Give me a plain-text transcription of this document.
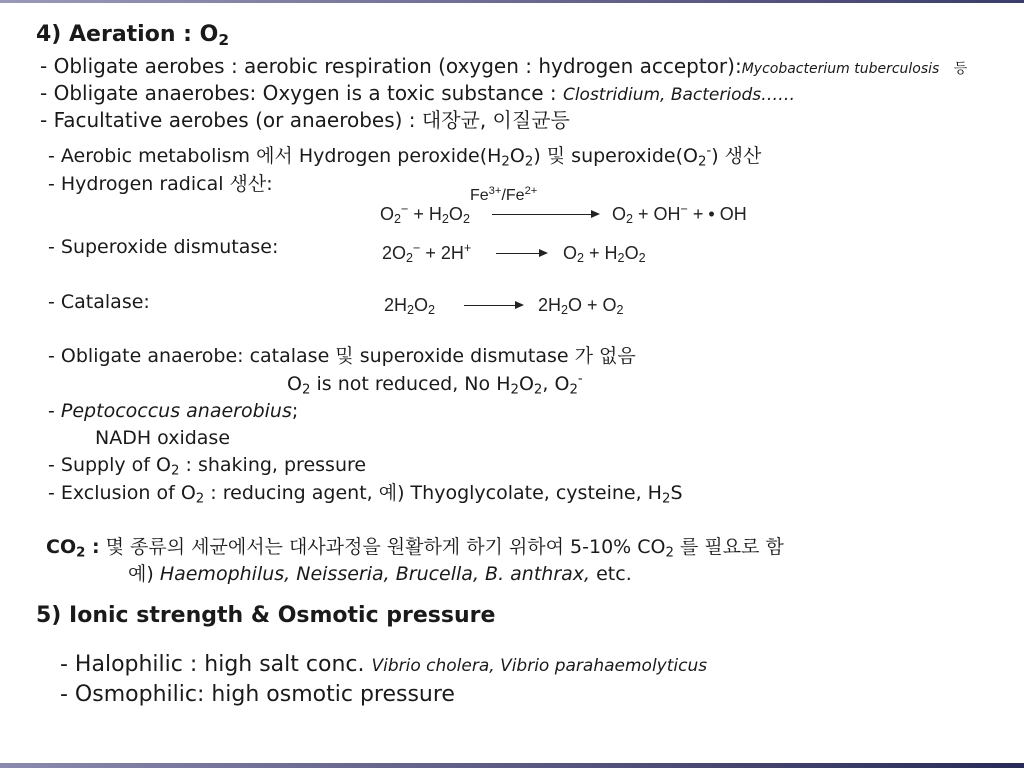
4) Aeration : $O_2$
- Obligate aerobes : aerobic respiration (oxygen : hydrogen acceptor):Mycobacterium tuberculosis 등
- Obligate anaerobes: Oxygen is a toxic substance : Clostridium, Bacteriods……
- Facultative aerobes (or anaerobes) : 대장균, 이질균등
- Aerobic metabolism 에서 Hydrogen $peroxide(H_2O_2)$ 및 $superoxide(O_2^-)$ 생산
- Hydrogen radical 생산:
$Fe^{3+}/Fe^{2+}$
$O_2^- + H_2O_2$	$O_2 + OH^-$ + • OH
- Superoxide dismutase:	$2O_2^- + 2H^+$	$O_2 + H_2O_2$
- Catalase:	$2H_2O_2$	$2H_2O + O_2$
- Obligate anaerobe: catalase 및 superoxide dismutase 가 없음
$O_2$ is not reduced, No $H_2O_2$, $O_2^-$
- Peptococcus anaerobius;
NADH oxidase
- Supply of $O_2$ : shaking, pressure
- Exclusion of $O_2$ : reducing agent, 예) Thyoglycolate, cysteine, $H_2S$
$CO_2$ : 몇 종류의 세균에서는 대사과정을 원활하게 하기 위하여 5-10% $CO_2$ 를 필요로 함
예) Haemophilus, Neisseria, Brucella, B. anthrax, etc.
5) Ionic strength & Osmotic pressure
- Halophilic : high salt conc. Vibrio cholera, Vibrio parahaemolyticus
- Osmophilic: high osmotic pressure
